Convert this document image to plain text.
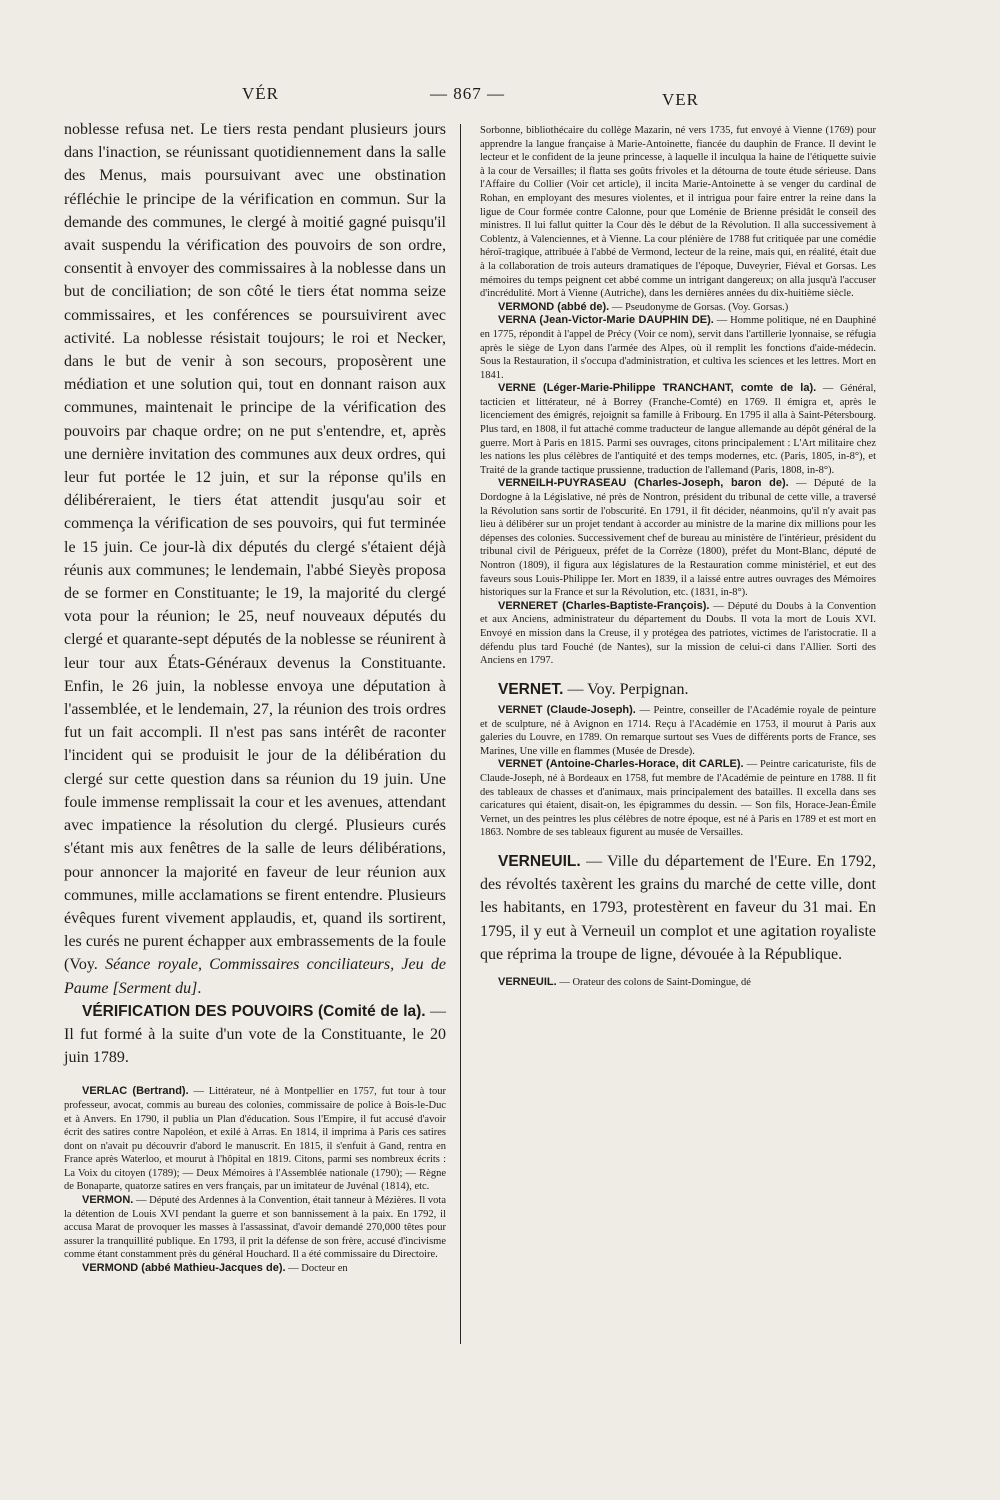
VÉR	— 867 —	VER

noblesse refusa net. Le tiers resta pendant plusieurs jours dans l'inaction, se réunissant quotidiennement dans la salle des Menus, mais poursuivant avec une obstination réfléchie le principe de la vérification en commun. Sur la demande des communes, le clergé à moitié gagné puisqu'il avait suspendu la vérification des pouvoirs de son ordre, consentit à envoyer des commissaires à la noblesse dans un but de conciliation; de son côté le tiers état nomma seize commissaires, et les conférences se poursuivirent avec activité. La noblesse résistait toujours; le roi et Necker, dans le but de venir à son secours, proposèrent une médiation et une solution qui, tout en donnant raison aux communes, maintenait le principe de la vérification des pouvoirs par chaque ordre; on ne put s'entendre, et, après une dernière invitation des communes aux deux ordres, qui leur fut portée le 12 juin, et sur la réponse qu'ils en délibéreraient, le tiers état attendit jusqu'au soir et commença la vérification de ses pouvoirs, qui fut terminée le 15 juin. Ce jour-là dix députés du clergé s'étaient déjà réunis aux communes; le lendemain, l'abbé Sieyès proposa de se former en Constituante; le 19, la majorité du clergé vota pour la réunion; le 25, neuf nouveaux députés du clergé et quarante-sept députés de la noblesse se réunirent à leur tour aux États-Généraux devenus la Constituante. Enfin, le 26 juin, la noblesse envoya une députation à l'assemblée, et le lendemain, 27, la réunion des trois ordres fut un fait accompli. Il n'est pas sans intérêt de raconter l'incident qui se produisit le jour de la délibération du clergé sur cette question dans sa réunion du 19 juin. Une foule immense remplissait la cour et les avenues, attendant avec impatience la résolution du clergé. Plusieurs curés s'étant mis aux fenêtres de la salle de leurs délibérations, pour annoncer la majorité en faveur de leur réunion aux communes, mille acclamations se firent entendre. Plusieurs évêques furent vivement applaudis, et, quand ils sortirent, les curés ne purent échapper aux embrassements de la foule (Voy. Séance royale, Commissaires conciliateurs, Jeu de Paume [Serment du].

VÉRIFICATION DES POUVOIRS (Comité de la). — Il fut formé à la suite d'un vote de la Constituante, le 20 juin 1789.

VERLAC (Bertrand). — Littérateur, né à Montpellier en 1757, fut tour à tour professeur, avocat, commis au bureau des colonies, commissaire de police à Bois-le-Duc et à Anvers. En 1790, il publia un Plan d'éducation. Sous l'Empire, il fut accusé d'avoir écrit des satires contre Napoléon, et exilé à Arras. En 1814, il imprima à Paris ces satires dont on n'avait pu découvrir d'abord le manuscrit. En 1815, il s'enfuit à Gand, rentra en France après Waterloo, et mourut à l'hôpital en 1819. Citons, parmi ses nombreux écrits : La Voix du citoyen (1789); — Deux Mémoires à l'Assemblée nationale (1790); — Règne de Bonaparte, quatorze satires en vers français, par un imitateur de Juvénal (1814), etc.

VERMON. — Député des Ardennes à la Convention, était tanneur à Mézières. Il vota la détention de Louis XVI pendant la guerre et son bannissement à la paix. En 1792, il accusa Marat de provoquer les masses à l'assassinat, d'avoir demandé 270,000 têtes pour assurer la tranquillité publique. En 1793, il prit la défense de son frère, accusé d'incivisme comme étant constamment près du général Houchard. Il a été commissaire du Directoire.

VERMOND (abbé Mathieu-Jacques de). — Docteur en

Sorbonne, bibliothécaire du collège Mazarin, né vers 1735, fut envoyé à Vienne (1769) pour apprendre la langue française à Marie-Antoinette, fiancée du dauphin de France. Il devint le lecteur et le confident de la jeune princesse, à laquelle il inculqua la haine de l'étiquette suivie à la cour de Versailles; il flatta ses goûts frivoles et la détourna de toute étude sérieuse. Dans l'Affaire du Collier (Voir cet article), il incita Marie-Antoinette à se venger du cardinal de Rohan, en employant des mesures violentes, et il intrigua pour faire entrer la reine dans la ligue de Cour formée contre Calonne, pour que Loménie de Brienne présidât le conseil des ministres. Il lui fallut quitter la Cour dès le début de la Révolution. Il alla successivement à Coblentz, à Valenciennes, et à Vienne. La cour plénière de 1788 fut critiquée par une comédie héroï-tragique, attribuée à l'abbé de Vermond, lecteur de la reine, mais qui, en réalité, était due à la collaboration de trois auteurs dramatiques de l'époque, Duveyrier, Fiéval et Gorsas. Les mémoires du temps peignent cet abbé comme un intrigant dangereux; on alla jusqu'à l'accuser d'incrédulité. Mort à Vienne (Autriche), dans les dernières années du dix-huitième siècle.

VERMOND (abbé de). — Pseudonyme de Gorsas. (Voy. Gorsas.)

VERNA (Jean-Victor-Marie DAUPHIN DE). — Homme politique, né en Dauphiné en 1775, répondit à l'appel de Précy (Voir ce nom), servit dans l'artillerie lyonnaise, se réfugia après le siège de Lyon dans l'armée des Alpes, où il remplit les fonctions d'aide-médecin. Sous la Restauration, il s'occupa d'administration, et cultiva les sciences et les lettres. Mort en 1841.

VERNE (Léger-Marie-Philippe TRANCHANT, comte de la). — Général, tacticien et littérateur, né à Borrey (Franche-Comté) en 1769. Il émigra et, après le licenciement des émigrés, rejoignit sa famille à Fribourg. En 1795 il alla à Saint-Pétersbourg. Plus tard, en 1808, il fut attaché comme traducteur de langue allemande au dépôt général de la guerre. Mort à Paris en 1815. Parmi ses ouvrages, citons principalement : L'Art militaire chez les nations les plus célèbres de l'antiquité et des temps modernes, etc. (Paris, 1805, in-8°), et Traité de la grande tactique prussienne, traduction de l'allemand (Paris, 1808, in-8°).

VERNEILH-PUYRASEAU (Charles-Joseph, baron de). — Député de la Dordogne à la Législative, né près de Nontron, président du tribunal de cette ville, a traversé la Révolution sans sortir de l'obscurité. En 1791, il fit décider, néanmoins, qu'il n'y avait pas lieu à délibérer sur un projet tendant à accorder au ministre de la marine dix millions pour les dépenses des colonies. Successivement chef de bureau au ministère de l'intérieur, président du tribunal civil de Périgueux, préfet de la Corrèze (1800), préfet du Mont-Blanc, député de Nontron (1809), il figura aux législatures de la Restauration comme ministériel, et eut des faveurs sous Louis-Philippe Ier. Mort en 1839, il a laissé entre autres ouvrages des Mémoires historiques sur la France et sur la Révolution, etc. (1831, in-8°).

VERNERET (Charles-Baptiste-François). — Député du Doubs à la Convention et aux Anciens, administrateur du département du Doubs. Il vota la mort de Louis XVI. Envoyé en mission dans la Creuse, il y protégea des patriotes, victimes de l'aristocratie. Il a défendu plus tard Fouché (de Nantes), sur la mission de celui-ci dans l'Allier. Sorti des Anciens en 1797.

VERNET. — Voy. Perpignan.

VERNET (Claude-Joseph). — Peintre, conseiller de l'Académie royale de peinture et de sculpture, né à Avignon en 1714. Reçu à l'Académie en 1753, il mourut à Paris aux galeries du Louvre, en 1789. On remarque surtout ses Vues de différents ports de France, ses Marines, Une ville en flammes (Musée de Dresde).

VERNET (Antoine-Charles-Horace, dit CARLE). — Peintre caricaturiste, fils de Claude-Joseph, né à Bordeaux en 1758, fut membre de l'Académie de peinture en 1788. Il fit des tableaux de chasses et d'animaux, mais principalement des batailles. Il excella dans ses caricatures qui étaient, disait-on, les épigrammes du dessin. — Son fils, Horace-Jean-Émile Vernet, un des peintres les plus célèbres de notre époque, est né à Paris en 1789 et est mort en 1863. Nombre de ses tableaux figurent au musée de Versailles.

VERNEUIL. — Ville du département de l'Eure. En 1792, des révoltés taxèrent les grains du marché de cette ville, dont les habitants, en 1793, protestèrent en faveur du 31 mai. En 1795, il y eut à Verneuil un complot et une agitation royaliste que réprima la troupe de ligne, dévouée à la République.

VERNEUIL. — Orateur des colons de Saint-Domingue, dé
